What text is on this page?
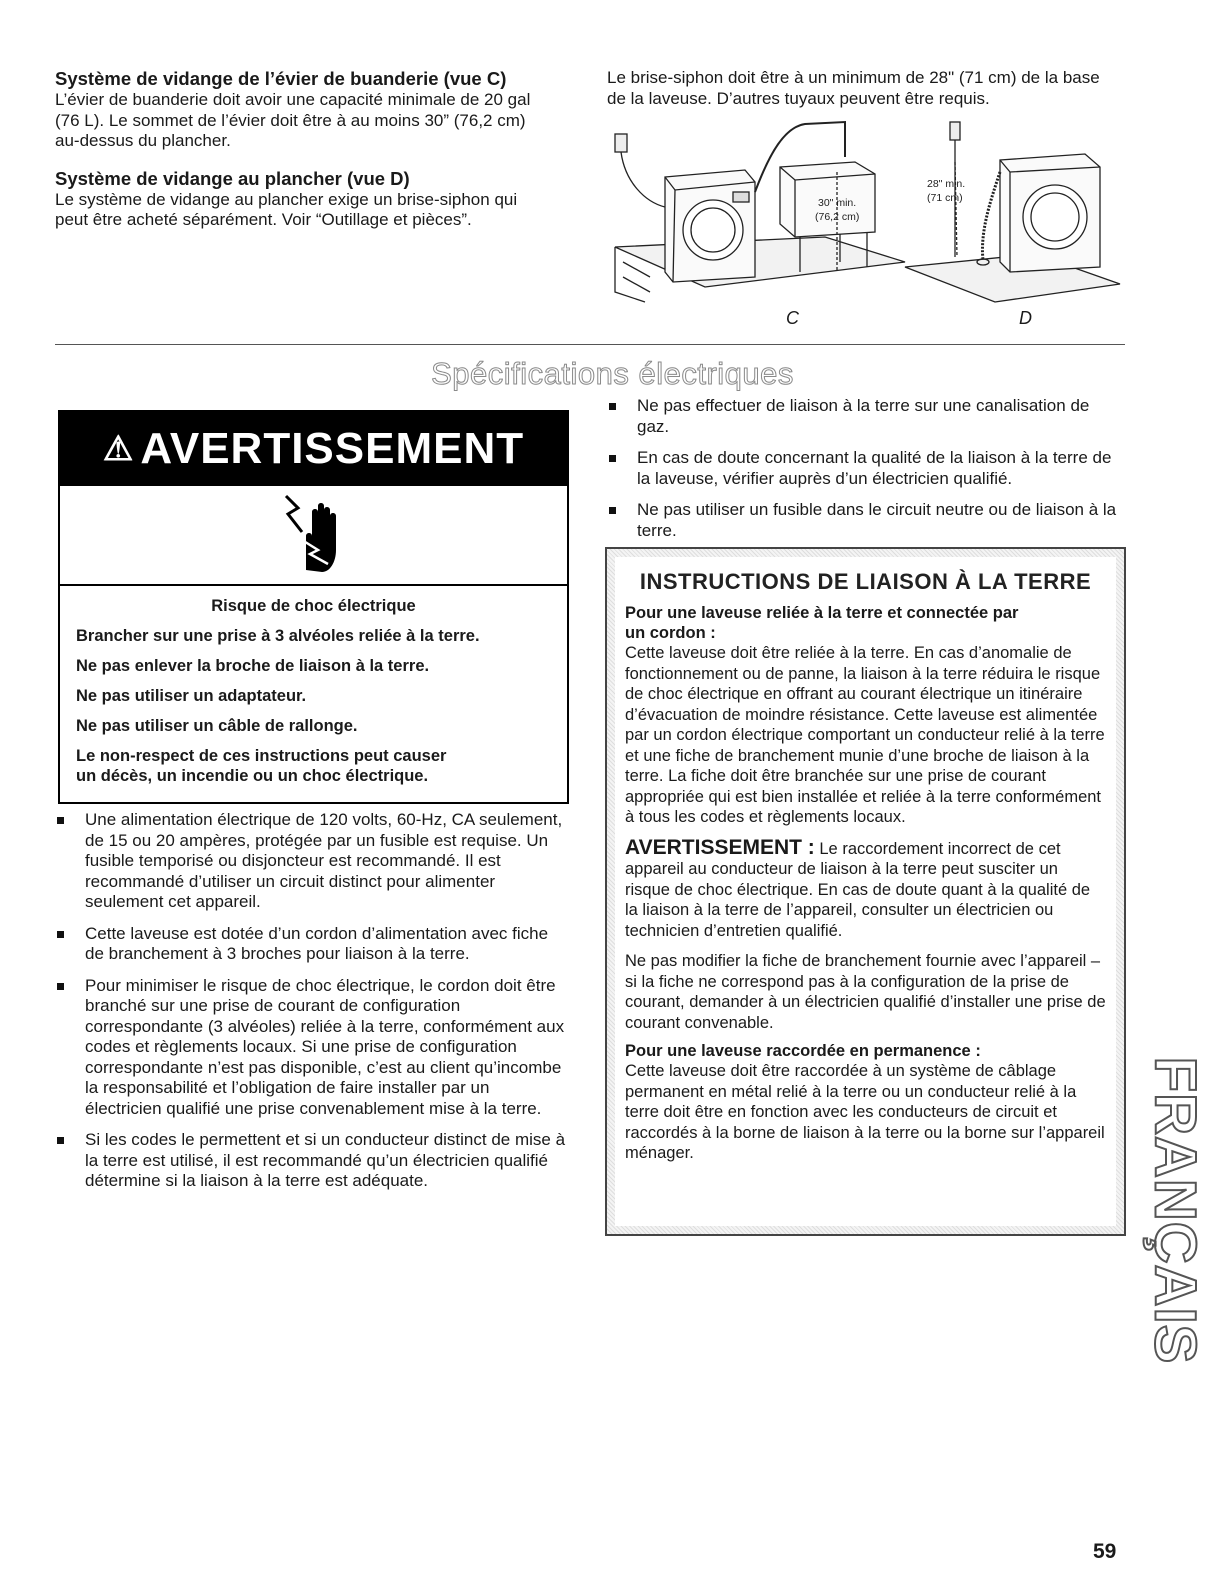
Système de vidange de l’évier de buanderie (vue C)

L’évier de buanderie doit avoir une capacité minimale de 20 gal

(76 L). Le sommet de l’évier doit être à au moins 30” (76,2 cm)

au-dessus du plancher.

Système de vidange au plancher (vue D)

Le système de vidange au plancher exige un brise-siphon qui

peut être acheté séparément. Voir “Outillage et pièces”.

Le brise-siphon doit être à un minimum de 28" (71 cm) de la base

de la laveuse. D’autres tuyaux peuvent être requis.

30" min.
(76,2 cm)
28" min.
(71 cm)
C	D
Spécifications électriques
⚠ AVERTISSEMENT
Risque de choc électrique
Brancher sur une prise à 3 alvéoles reliée à la terre.
Ne pas enlever la broche de liaison à la terre.
Ne pas utiliser un adaptateur.
Ne pas utiliser un câble de rallonge.
Le non-respect de ces instructions peut causer
un décès, un incendie ou un choc électrique.
Une alimentation électrique de 120 volts, 60-Hz, CA seulement, de 15 ou 20 ampères, protégée par un fusible est requise. Un fusible temporisé ou disjoncteur est recommandé. Il est recommandé d’utiliser un circuit distinct pour alimenter seulement cet appareil.
Cette laveuse est dotée d’un cordon d’alimentation avec fiche de branchement à 3 broches pour liaison à la terre.
Pour minimiser le risque de choc électrique, le cordon doit être branché sur une prise de courant de configuration correspondante (3 alvéoles) reliée à la terre, conformément aux codes et règlements locaux. Si une prise de configuration correspondante n’est pas disponible, c’est au client qu’incombe la responsabilité et l’obligation de faire installer par un électricien qualifié une prise convenablement mise à la terre.
Si les codes le permettent et si un conducteur distinct de mise à la terre est utilisé, il est recommandé qu’un électricien qualifié détermine si la liaison à la terre est adéquate.
Ne pas effectuer de liaison à la terre sur une canalisation de gaz.
En cas de doute concernant la qualité de la liaison à la terre de la laveuse, vérifier auprès d’un électricien qualifié.
Ne pas utiliser un fusible dans le circuit neutre ou de liaison à la terre.
INSTRUCTIONS DE LIAISON À LA TERRE
Pour une laveuse reliée à la terre et connectée par
un cordon :

Cette laveuse doit être reliée à la terre. En cas d’anomalie de fonctionnement ou de panne, la liaison à la terre réduira le risque de choc électrique en offrant au courant électrique un itinéraire d’évacuation de moindre résistance. Cette laveuse est alimentée par un cordon électrique comportant un conducteur relié à la terre et une fiche de branchement munie d’une broche de liaison à la terre. La fiche doit être branchée sur une prise de courant appropriée qui est bien installée et reliée à la terre conformément à tous les codes et règlements locaux.

AVERTISSEMENT : Le raccordement incorrect de cet appareil au conducteur de liaison à la terre peut susciter un risque de choc électrique. En cas de doute quant à la qualité de la liaison à la terre de l’appareil, consulter un électricien ou technicien d’entretien qualifié.

Ne pas modifier la fiche de branchement fournie avec l’appareil – si la fiche ne correspond pas à la configuration de la prise de courant, demander à un électricien qualifié d’installer une prise de courant convenable.

Pour une laveuse raccordée en permanence :

Cette laveuse doit être raccordée à un système de câblage permanent en métal relié à la terre ou un conducteur relié à la terre doit être en fonction avec les conducteurs de circuit et raccordés à la borne de liaison à la terre ou la borne sur l’appareil ménager.	FRANÇAIS
59
